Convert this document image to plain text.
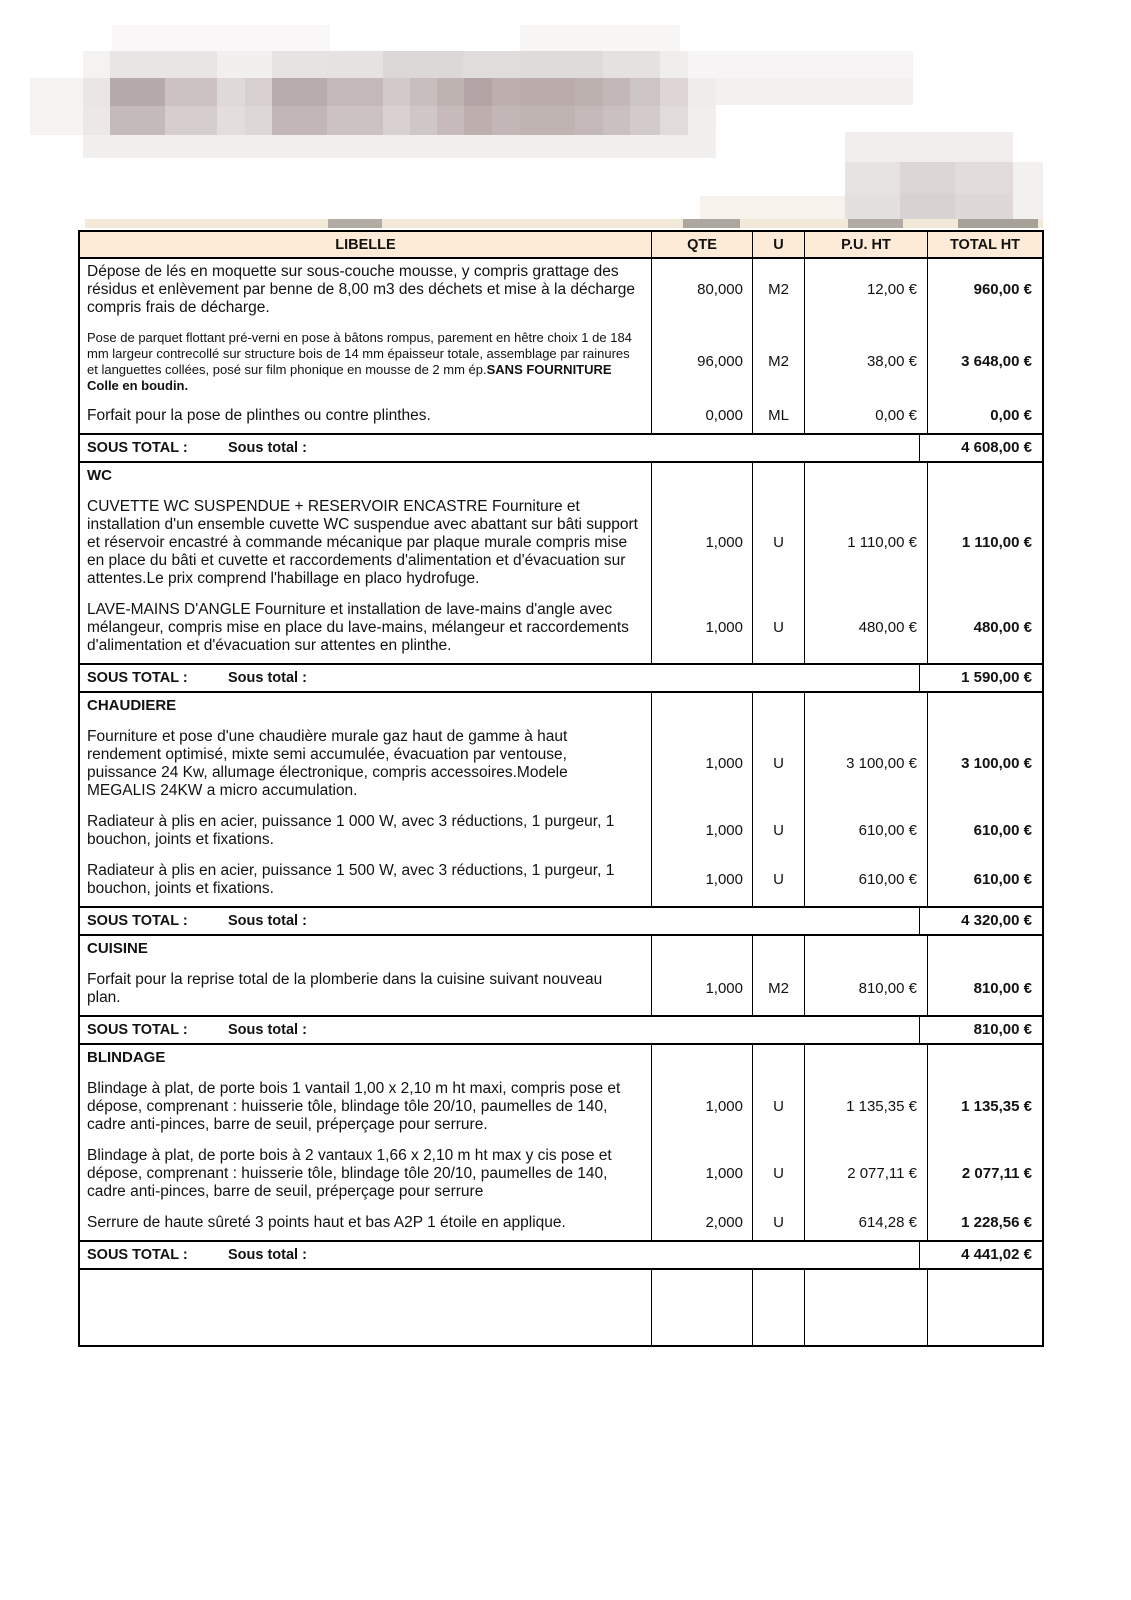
LIBELLE	QTE	U	P.U. HT	TOTAL HT
Dépose de lés en moquette sur sous-couche mousse, y compris grattage des résidus et enlèvement par benne de 8,00 m3 des déchets et mise à la décharge compris frais de décharge.
80,000	M2	12,00 €	960,00 €
Pose de parquet flottant pré-verni en pose à bâtons rompus, parement en hêtre choix 1 de 184 mm largeur contrecollé sur structure bois de 14 mm épaisseur totale, assemblage par rainures et languettes collées, posé sur film phonique en mousse de 2 mm ép.SANS FOURNITURE
Colle en boudin.
96,000	M2	38,00 €	3 648,00 €
Forfait pour la pose de plinthes ou contre plinthes.	0,000	ML	0,00 €	0,00 €
SOUS TOTAL :	Sous total :	4 608,00 €
WC
CUVETTE WC SUSPENDUE + RESERVOIR ENCASTRE Fourniture et installation d'un ensemble cuvette WC suspendue avec abattant sur bâti support et réservoir encastré à commande mécanique par plaque murale compris mise en place du bâti et cuvette et raccordements d'alimentation et d'évacuation sur attentes.Le prix comprend l'habillage en placo hydrofuge.
1,000	U	1 110,00 €	1 110,00 €
LAVE-MAINS D'ANGLE Fourniture et installation de lave-mains d'angle avec mélangeur, compris mise en place du lave-mains, mélangeur et raccordements d'alimentation et d'évacuation sur attentes en plinthe.
1,000	U	480,00 €	480,00 €
SOUS TOTAL :	Sous total :	1 590,00 €
CHAUDIERE
Fourniture et pose d'une chaudière murale gaz haut de gamme à haut rendement optimisé, mixte semi accumulée, évacuation par ventouse, puissance 24 Kw, allumage électronique, compris accessoires.Modele MEGALIS 24KW a micro accumulation.
1,000	U	3 100,00 €	3 100,00 €
Radiateur à plis en acier, puissance 1 000 W, avec 3 réductions, 1 purgeur, 1 bouchon, joints et fixations.
1,000	U	610,00 €	610,00 €
Radiateur à plis en acier, puissance 1 500 W, avec 3 réductions, 1 purgeur, 1 bouchon, joints et fixations.
1,000	U	610,00 €	610,00 €
SOUS TOTAL :	Sous total :	4 320,00 €
CUISINE
Forfait pour la reprise total de la plomberie dans la cuisine suivant nouveau plan.
1,000	M2	810,00 €	810,00 €
SOUS TOTAL :	Sous total :	810,00 €
BLINDAGE
Blindage à plat, de porte bois 1 vantail 1,00 x 2,10 m ht maxi, compris pose et dépose, comprenant : huisserie tôle, blindage tôle 20/10, paumelles de 140, cadre anti-pinces, barre de seuil, préperçage pour serrure.
1,000	U	1 135,35 €	1 135,35 €
Blindage à plat, de porte bois à 2 vantaux 1,66 x 2,10 m ht max y cis pose et dépose, comprenant : huisserie tôle, blindage tôle 20/10, paumelles de 140, cadre anti-pinces, barre de seuil, préperçage pour serrure
1,000	U	2 077,11 €	2 077,11 €
Serrure de haute sûreté 3 points haut et bas A2P 1 étoile en applique.	2,000	U	614,28 €	1 228,56 €
SOUS TOTAL :	Sous total :	4 441,02 €
